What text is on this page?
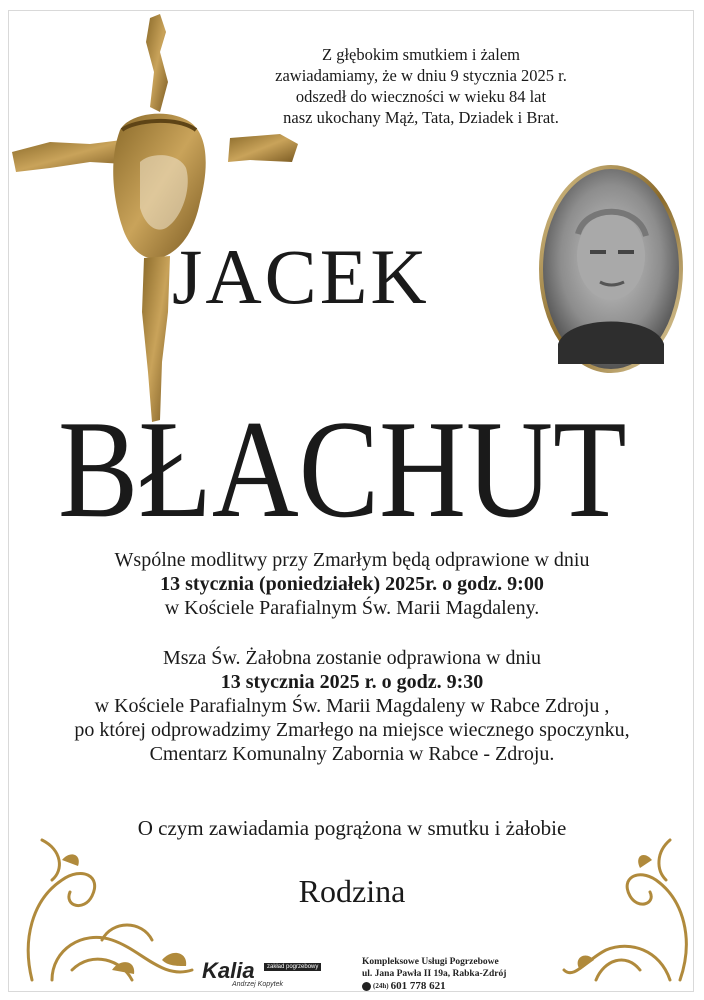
Z głębokim smutkiem i żalem
zawiadamiamy, że w dniu 9 stycznia 2025 r.
odszedł do wieczności w wieku 84 lat
nasz ukochany Mąż, Tata, Dziadek i Brat.
JACEK
BŁACHUT
Wspólne modlitwy przy Zmarłym będą odprawione w dniu
13 stycznia (poniedziałek) 2025r. o godz. 9:00
w Kościele Parafialnym Św. Marii Magdaleny.
Msza Św. Żałobna zostanie odprawiona w dniu
13 stycznia 2025 r. o godz. 9:30
w Kościele Parafialnym Św. Marii Magdaleny w Rabce Zdroju ,
po której odprowadzimy Zmarłego na miejsce wiecznego spoczynku,
Cmentarz Komunalny Zabornia w Rabce - Zdroju.
O czym zawiadamia pogrążona w smutku i żałobie
Rodzina
Kalia	zakład pogrzebowy
Andrzej Kopytek
Kompleksowe Usługi Pogrzebowe
ul. Jana Pawła II 19a, Rabka-Zdrój
(24h) 601 778 621
